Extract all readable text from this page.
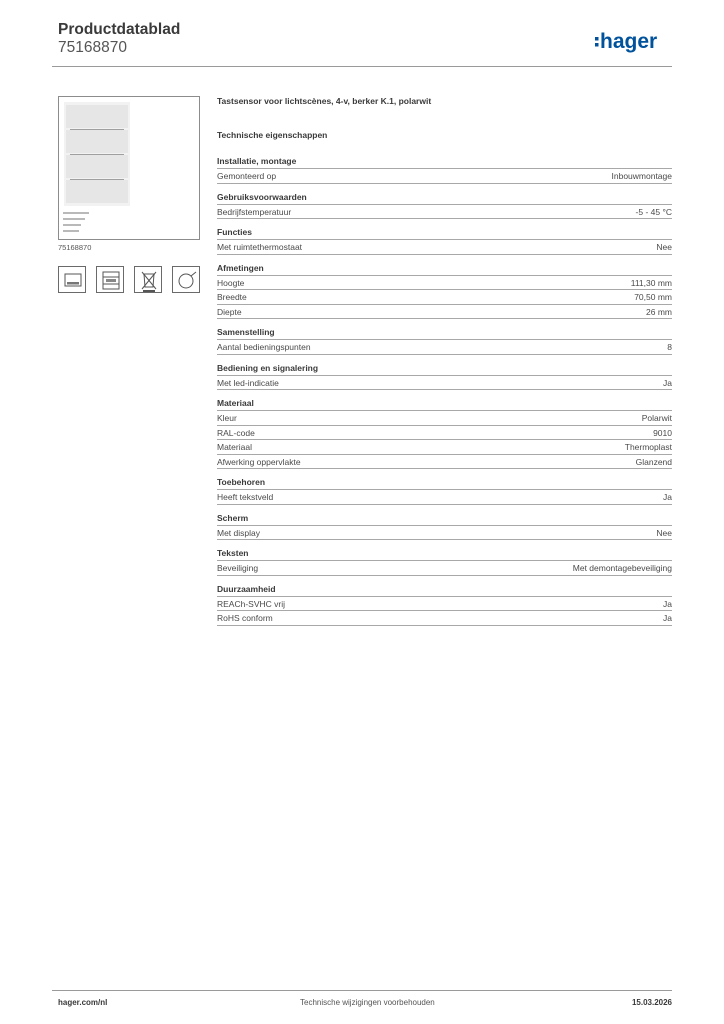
Productdatablad
75168870	hager
75168870
Tastsensor voor lichtscènes, 4-v, berker K.1, polarwit
Technische eigenschappen
Installatie, montage
Gemonteerd op	Inbouwmontage
Gebruiksvoorwaarden
Bedrijfstemperatuur	-5 - 45 °C
Functies
Met ruimtethermostaat	Nee
Afmetingen
Hoogte	111,30 mm
Breedte	70,50 mm
Diepte	26 mm
Samenstelling
Aantal bedieningspunten	8
Bediening en signalering
Met led-indicatie	Ja
Materiaal
Kleur	Polarwit
RAL-code	9010
Materiaal	Thermoplast
Afwerking oppervlakte	Glanzend
Toebehoren
Heeft tekstveld	Ja
Scherm
Met display	Nee
Teksten
Beveiliging	Met demontagebeveiliging
Duurzaamheid
REACh-SVHC vrij	Ja
RoHS conform	Ja
hager.com/nl	Technische wijzigingen voorbehouden	15.03.2026
